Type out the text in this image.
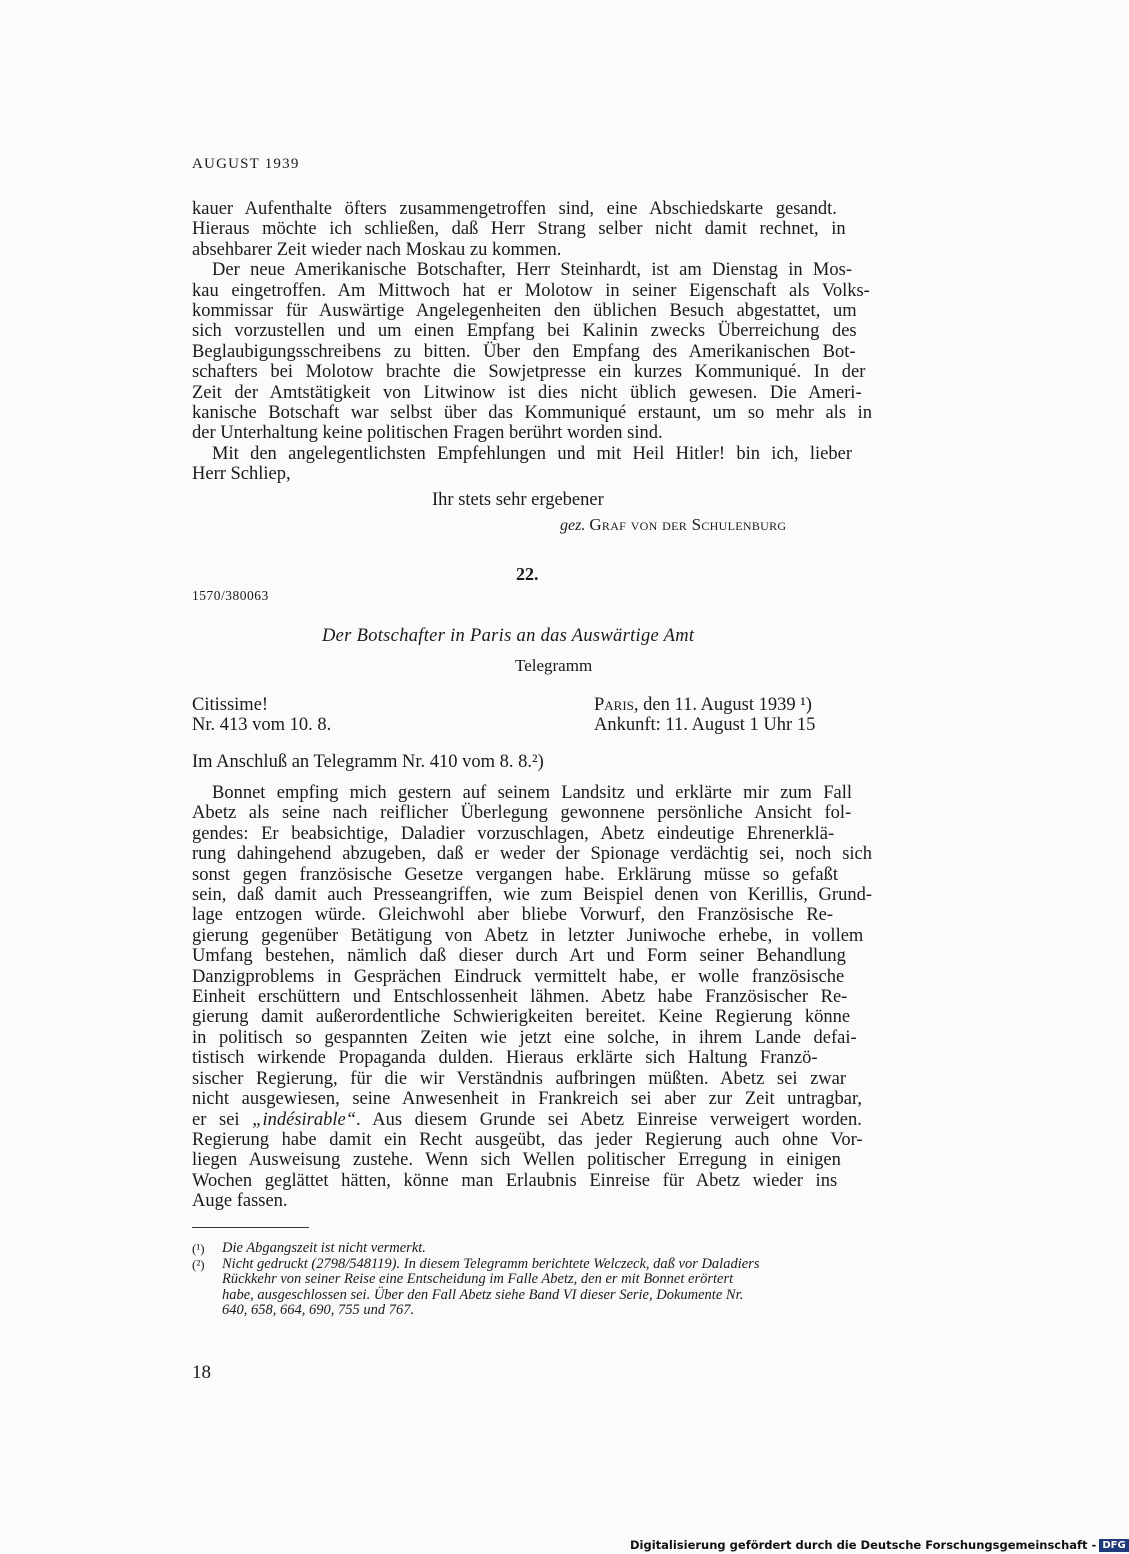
AUGUST 1939
kauer Aufenthalte öfters zusammengetroffen sind, eine Abschiedskarte gesandt.
Hieraus möchte ich schließen, daß Herr Strang selber nicht damit rechnet, in
absehbarer Zeit wieder nach Moskau zu kommen.
Der neue Amerikanische Botschafter, Herr Steinhardt, ist am Dienstag in Mos-
kau eingetroffen. Am Mittwoch hat er Molotow in seiner Eigenschaft als Volks-
kommissar für Auswärtige Angelegenheiten den üblichen Besuch abgestattet, um
sich vorzustellen und um einen Empfang bei Kalinin zwecks Überreichung des
Beglaubigungsschreibens zu bitten. Über den Empfang des Amerikanischen Bot-
schafters bei Molotow brachte die Sowjetpresse ein kurzes Kommuniqué. In der
Zeit der Amtstätigkeit von Litwinow ist dies nicht üblich gewesen. Die Ameri-
kanische Botschaft war selbst über das Kommuniqué erstaunt, um so mehr als in
der Unterhaltung keine politischen Fragen berührt worden sind.
Mit den angelegentlichsten Empfehlungen und mit Heil Hitler! bin ich, lieber
Herr Schliep,
Ihr stets sehr ergebener
gez. Graf von der Schulenburg
22.
1570/380063
Der Botschafter in Paris an das Auswärtige Amt
Telegramm
Citissime!
Nr. 413 vom 10. 8.
Paris, den 11. August 1939 ¹)
Ankunft: 11. August 1 Uhr 15
Im Anschluß an Telegramm Nr. 410 vom 8. 8.²)
Bonnet empfing mich gestern auf seinem Landsitz und erklärte mir zum Fall
Abetz als seine nach reiflicher Überlegung gewonnene persönliche Ansicht fol-
gendes: Er beabsichtige, Daladier vorzuschlagen, Abetz eindeutige Ehrenerklä-
rung dahingehend abzugeben, daß er weder der Spionage verdächtig sei, noch sich
sonst gegen französische Gesetze vergangen habe. Erklärung müsse so gefaßt
sein, daß damit auch Presseangriffen, wie zum Beispiel denen von Kerillis, Grund-
lage entzogen würde. Gleichwohl aber bliebe Vorwurf, den Französische Re-
gierung gegenüber Betätigung von Abetz in letzter Juniwoche erhebe, in vollem
Umfang bestehen, nämlich daß dieser durch Art und Form seiner Behandlung
Danzigproblems in Gesprächen Eindruck vermittelt habe, er wolle französische
Einheit erschüttern und Entschlossenheit lähmen. Abetz habe Französischer Re-
gierung damit außerordentliche Schwierigkeiten bereitet. Keine Regierung könne
in politisch so gespannten Zeiten wie jetzt eine solche, in ihrem Lande defai-
tistisch wirkende Propaganda dulden. Hieraus erklärte sich Haltung Franzö-
sischer Regierung, für die wir Verständnis aufbringen müßten. Abetz sei zwar
nicht ausgewiesen, seine Anwesenheit in Frankreich sei aber zur Zeit untragbar,
er sei „indésirable“. Aus diesem Grunde sei Abetz Einreise verweigert worden.
Regierung habe damit ein Recht ausgeübt, das jeder Regierung auch ohne Vor-
liegen Ausweisung zustehe. Wenn sich Wellen politischer Erregung in einigen
Wochen geglättet hätten, könne man Erlaubnis Einreise für Abetz wieder ins
Auge fassen.
(¹) Die Abgangszeit ist nicht vermerkt.
(²) Nicht gedruckt (2798/548119). In diesem Telegramm berichtete Welczeck, daß vor Daladiers
Rückkehr von seiner Reise eine Entscheidung im Falle Abetz, den er mit Bonnet erörtert
habe, ausgeschlossen sei. Über den Fall Abetz siehe Band VI dieser Serie, Dokumente Nr.
640, 658, 664, 690, 755 und 767.
18
Digitalisierung gefördert durch die Deutsche Forschungsgemeinschaft - DFG
